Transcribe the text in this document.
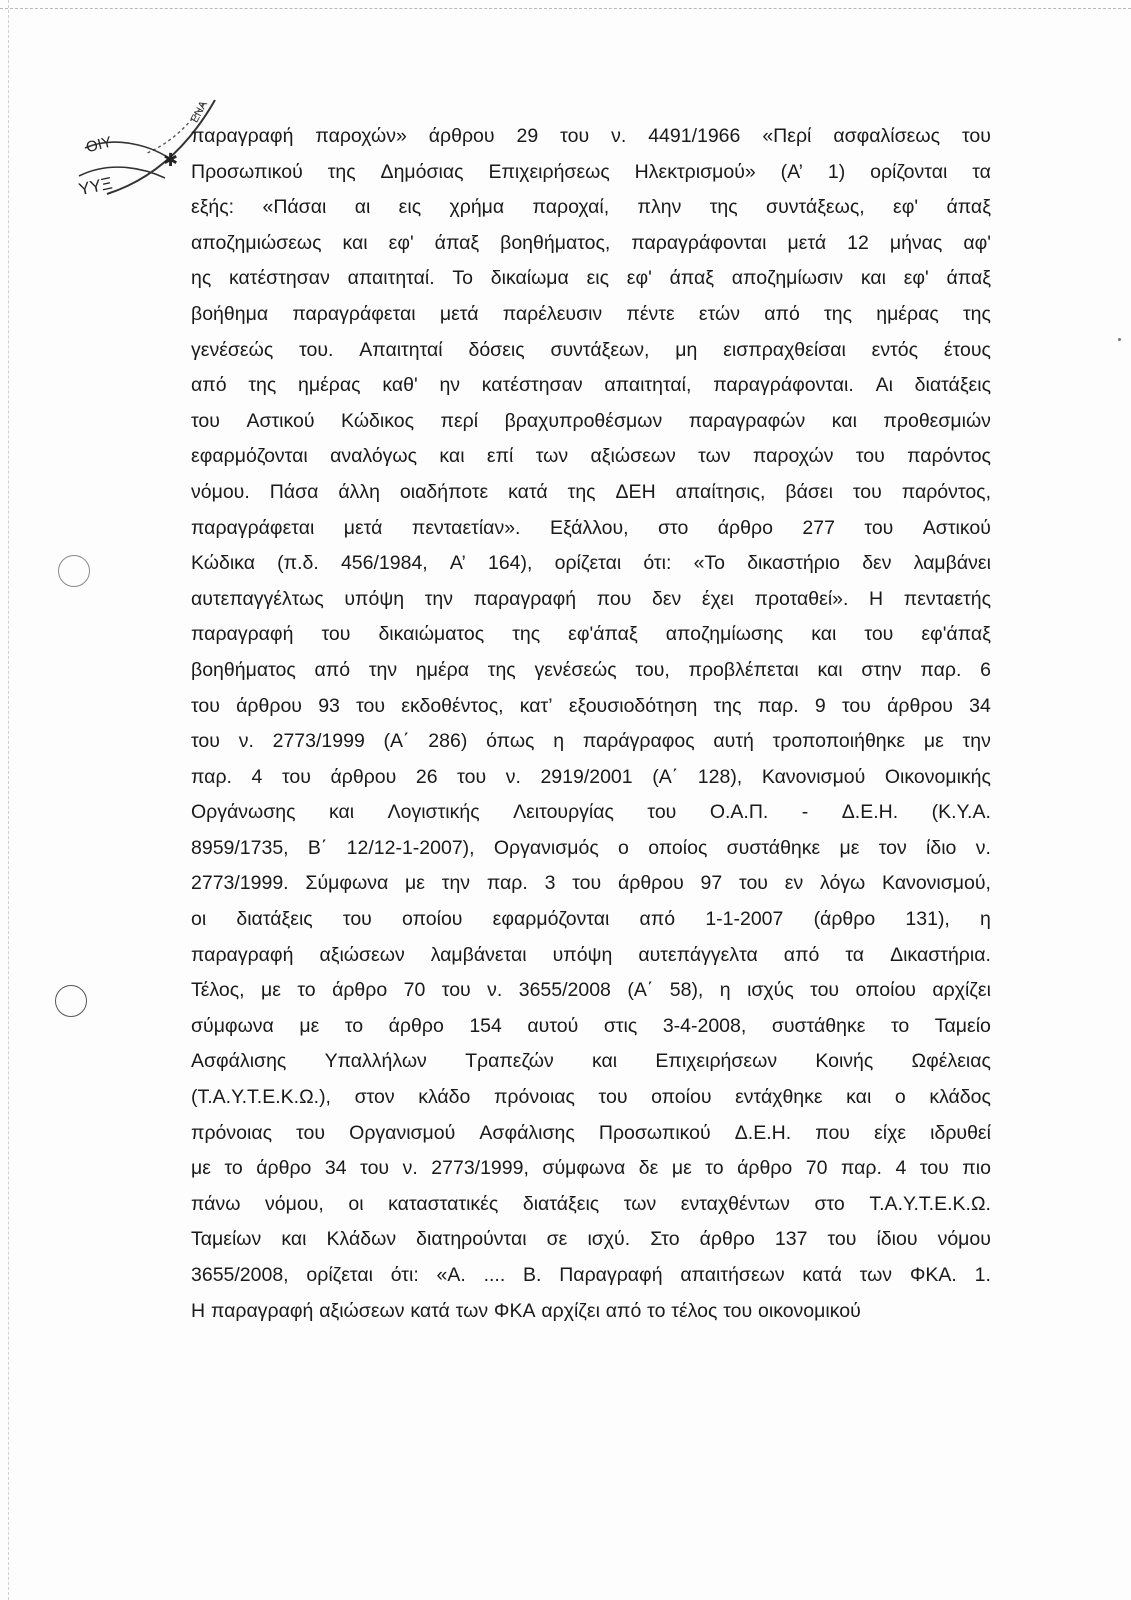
ΟΙΥ
ΥΥΞ
ΕΝΑ
✱
παραγραφή παροχών» άρθρου 29 του ν. 4491/1966 «Περί ασφαλίσεως του
Προσωπικού της Δημόσιας Επιχειρήσεως Ηλεκτρισμού» (Α’ 1) ορίζονται τα
εξής: «Πάσαι αι εις χρήμα παροχαί, πλην της συντάξεως, εφ' άπαξ
αποζημιώσεως και εφ' άπαξ βοηθήματος, παραγράφονται μετά 12 μήνας αφ'
ης κατέστησαν απαιτηταί. Το δικαίωμα εις εφ' άπαξ αποζημίωσιν και εφ' άπαξ
βοήθημα παραγράφεται μετά παρέλευσιν πέντε ετών από της ημέρας της
γενέσεώς του. Απαιτηταί δόσεις συντάξεων, μη εισπραχθείσαι εντός έτους
από της ημέρας καθ' ην κατέστησαν απαιτηταί, παραγράφονται. Αι διατάξεις
του Αστικού Κώδικος περί βραχυπροθέσμων παραγραφών και προθεσμιών
εφαρμόζονται αναλόγως και επί των αξιώσεων των παροχών του παρόντος
νόμου. Πάσα άλλη οιαδήποτε κατά της ΔΕΗ απαίτησις, βάσει του παρόντος,
παραγράφεται μετά πενταετίαν». Εξάλλου, στο άρθρο 277 του Αστικού
Κώδικα (π.δ. 456/1984, Α’ 164), ορίζεται ότι: «Το δικαστήριο δεν λαμβάνει
αυτεπαγγέλτως υπόψη την παραγραφή που δεν έχει προταθεί». Η πενταετής
παραγραφή του δικαιώματος της εφ'άπαξ αποζημίωσης και του εφ'άπαξ
βοηθήματος από την ημέρα της γενέσεώς του, προβλέπεται και στην παρ. 6
του άρθρου 93 του εκδοθέντος, κατ’ εξουσιοδότηση της παρ. 9 του άρθρου 34
του ν. 2773/1999 (Α΄ 286) όπως η παράγραφος αυτή τροποποιήθηκε με την
παρ. 4 του άρθρου 26 του ν. 2919/2001 (Α΄ 128), Κανονισμού Οικονομικής
Οργάνωσης και Λογιστικής Λειτουργίας του Ο.Α.Π. - Δ.Ε.Η. (Κ.Υ.Α.
8959/1735, Β΄ 12/12-1-2007), Οργανισμός ο οποίος συστάθηκε με τον ίδιο ν.
2773/1999. Σύμφωνα με την παρ. 3 του άρθρου 97 του εν λόγω Κανονισμού,
οι διατάξεις του οποίου εφαρμόζονται από 1-1-2007 (άρθρο 131), η
παραγραφή αξιώσεων λαμβάνεται υπόψη αυτεπάγγελτα από τα Δικαστήρια.
Τέλος, με το άρθρο 70 του ν. 3655/2008 (Α΄ 58), η ισχύς του οποίου αρχίζει
σύμφωνα με το άρθρο 154 αυτού στις 3-4-2008, συστάθηκε το Ταμείο
Ασφάλισης Υπαλλήλων Τραπεζών και Επιχειρήσεων Κοινής Ωφέλειας
(Τ.Α.Υ.Τ.Ε.Κ.Ω.), στον κλάδο πρόνοιας του οποίου εντάχθηκε και ο κλάδος
πρόνοιας του Οργανισμού Ασφάλισης Προσωπικού Δ.Ε.Η. που είχε ιδρυθεί
με το άρθρο 34 του ν. 2773/1999, σύμφωνα δε με το άρθρο 70 παρ. 4 του πιο
πάνω νόμου, οι καταστατικές διατάξεις των ενταχθέντων στο Τ.Α.Υ.Τ.Ε.Κ.Ω.
Ταμείων και Κλάδων διατηρούνται σε ισχύ. Στο άρθρο 137 του ίδιου νόμου
3655/2008, ορίζεται ότι: «Α. .... Β. Παραγραφή απαιτήσεων κατά των ΦΚΑ. 1.
Η παραγραφή αξιώσεων κατά των ΦΚΑ αρχίζει από το τέλος του οικονομικού
